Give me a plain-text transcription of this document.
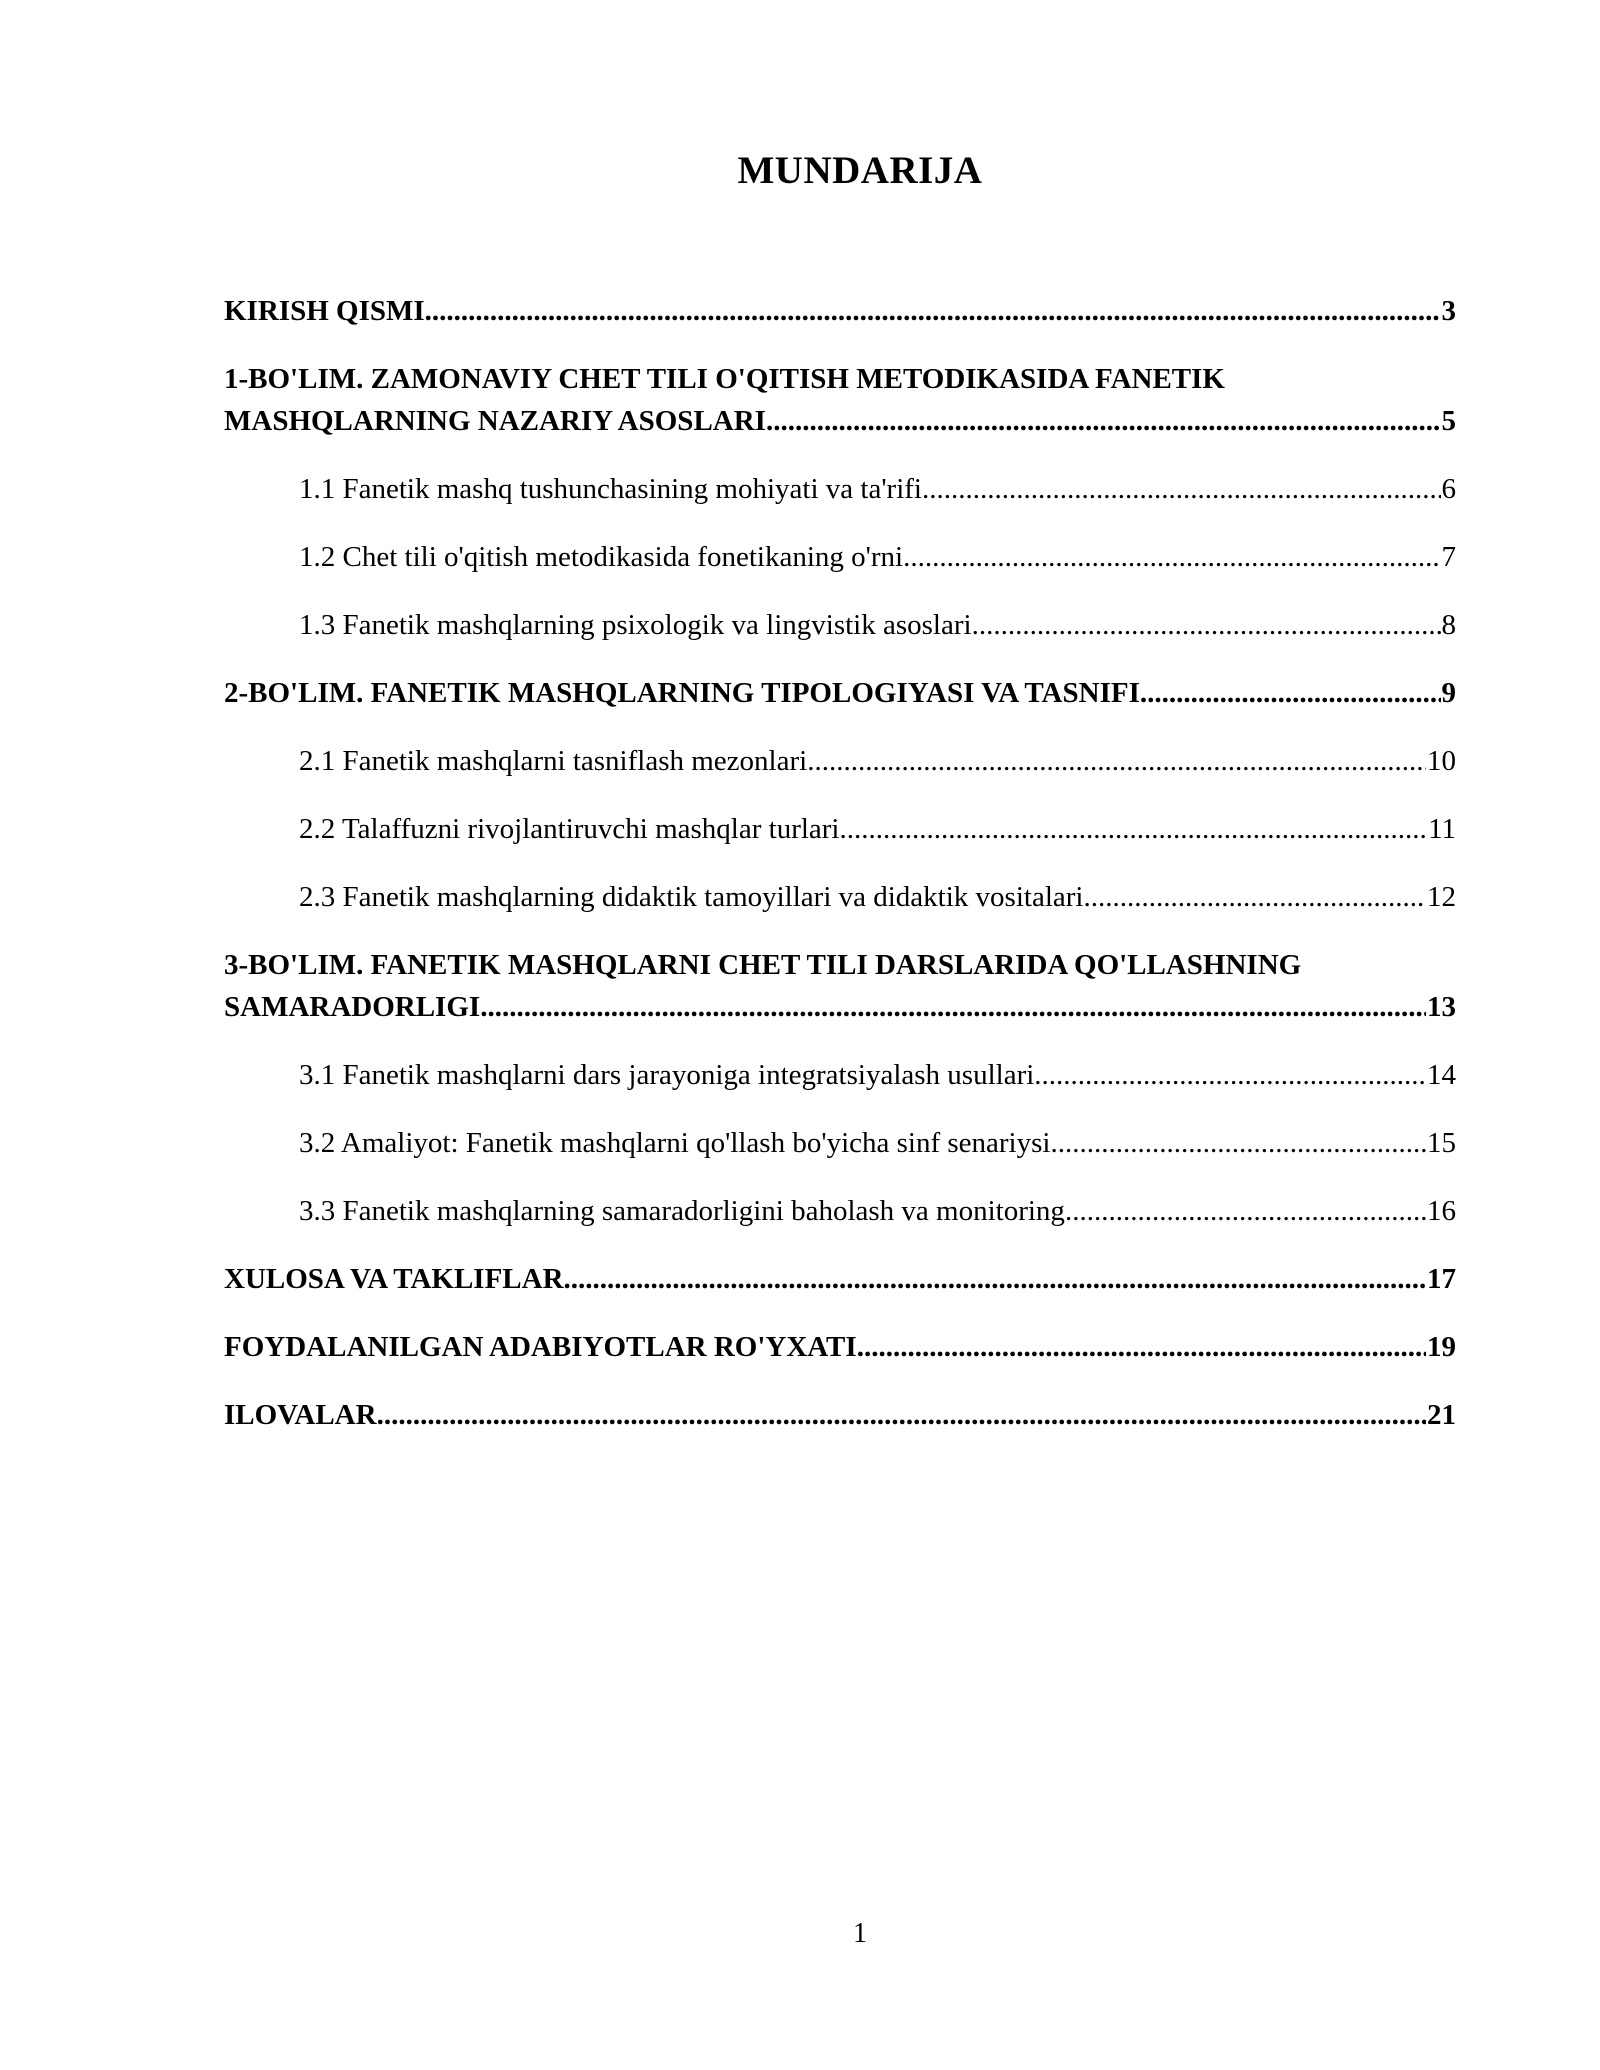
MUNDARIJA
KIRISH QISMI .....	3
1-BO'LIM. ZAMONAVIY CHET TILI O'QITISH METODIKASIDA FANETIK
MASHQLARNING NAZARIY ASOSLARI .....	5
1.1 Fanetik mashq tushunchasining mohiyati va ta'rifi .....	6
1.2 Chet tili o'qitish metodikasida fonetikaning o'rni .....	7
1.3 Fanetik mashqlarning psixologik va lingvistik asoslari .....	8
2-BO'LIM. FANETIK MASHQLARNING TIPOLOGIYASI VA TASNIFI .....	9
2.1 Fanetik mashqlarni tasniflash mezonlari .....	10
2.2 Talaffuzni rivojlantiruvchi mashqlar turlari .....	11
2.3 Fanetik mashqlarning didaktik tamoyillari va didaktik vositalari .....	12
3-BO'LIM. FANETIK MASHQLARNI CHET TILI DARSLARIDA QO'LLASHNING
SAMARADORLIGI .....	13
3.1 Fanetik mashqlarni dars jarayoniga integratsiyalash usullari .....	14
3.2 Amaliyot: Fanetik mashqlarni qo'llash bo'yicha sinf senariysi .....	15
3.3 Fanetik mashqlarning samaradorligini baholash va monitoring .....	16
XULOSA VA TAKLIFLAR .....	17
FOYDALANILGAN ADABIYOTLAR RO'YXATI .....	19
ILOVALAR .....	21
1
